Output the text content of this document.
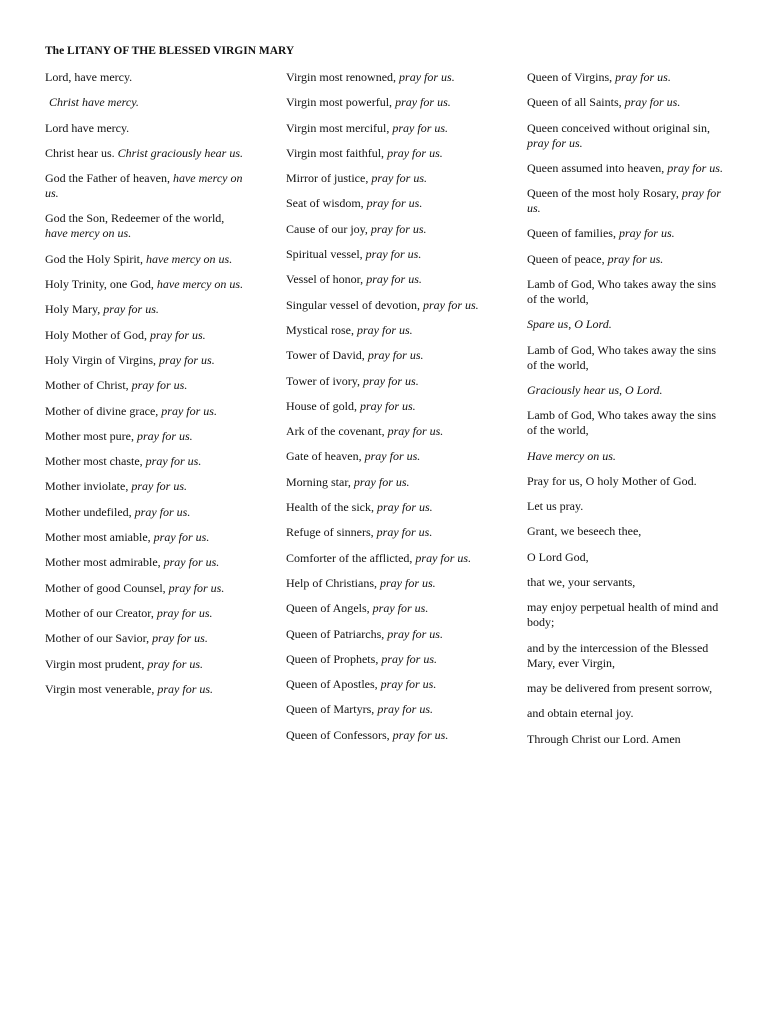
The LITANY OF THE BLESSED VIRGIN MARY
Lord, have mercy.
Christ have mercy.
Lord have mercy.
Christ hear us. Christ graciously hear us.
God the Father of heaven, have mercy on us.
God the Son, Redeemer of the world, have mercy on us.
God the Holy Spirit, have mercy on us.
Holy Trinity, one God, have mercy on us.
Holy Mary, pray for us.
Holy Mother of God, pray for us.
Holy Virgin of Virgins, pray for us.
Mother of Christ, pray for us.
Mother of divine grace, pray for us.
Mother most pure, pray for us.
Mother most chaste, pray for us.
Mother inviolate, pray for us.
Mother undefiled, pray for us.
Mother most amiable, pray for us.
Mother most admirable, pray for us.
Mother of good Counsel, pray for us.
Mother of our Creator, pray for us.
Mother of our Savior, pray for us.
Virgin most prudent, pray for us.
Virgin most venerable, pray for us.
Virgin most renowned, pray for us.
Virgin most powerful, pray for us.
Virgin most merciful, pray for us.
Virgin most faithful, pray for us.
Mirror of justice, pray for us.
Seat of wisdom, pray for us.
Cause of our joy, pray for us.
Spiritual vessel, pray for us.
Vessel of honor, pray for us.
Singular vessel of devotion, pray for us.
Mystical rose, pray for us.
Tower of David, pray for us.
Tower of ivory, pray for us.
House of gold, pray for us.
Ark of the covenant, pray for us.
Gate of heaven, pray for us.
Morning star, pray for us.
Health of the sick, pray for us.
Refuge of sinners, pray for us.
Comforter of the afflicted, pray for us.
Help of Christians, pray for us.
Queen of Angels, pray for us.
Queen of Patriarchs, pray for us.
Queen of Prophets, pray for us.
Queen of Apostles, pray for us.
Queen of Martyrs, pray for us.
Queen of Confessors, pray for us.
Queen of Virgins, pray for us.
Queen of all Saints, pray for us.
Queen conceived without original sin, pray for us.
Queen assumed into heaven, pray for us.
Queen of the most holy Rosary, pray for us.
Queen of families, pray for us.
Queen of peace, pray for us.
Lamb of God, Who takes away the sins of the world,
Spare us, O Lord.
Lamb of God, Who takes away the sins of the world,
Graciously hear us, O Lord.
Lamb of God, Who takes away the sins of the world,
Have mercy on us.
Pray for us, O holy Mother of God.
Let us pray.
Grant, we beseech thee,
O Lord God,
that we, your servants,
may enjoy perpetual health of mind and body;
and by the intercession of the Blessed Mary, ever Virgin,
may be delivered from present sorrow,
and obtain eternal joy.
Through Christ our Lord. Amen
